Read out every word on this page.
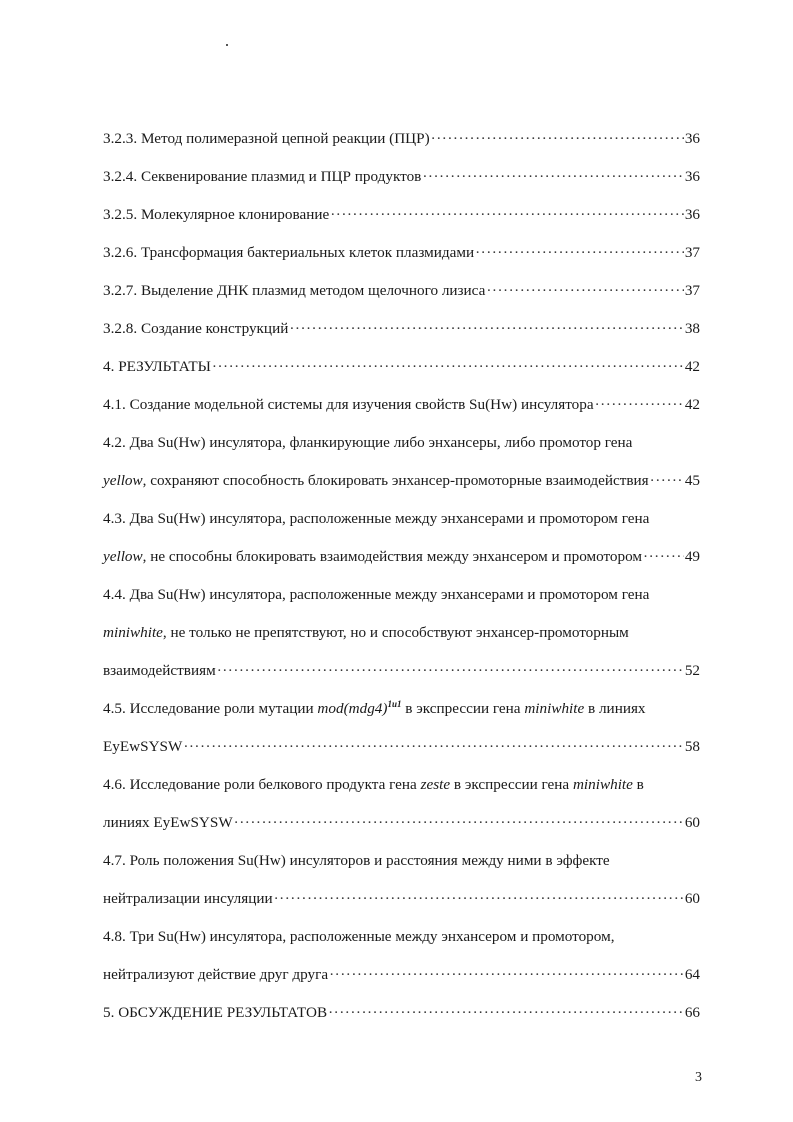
3.2.3. Метод полимеразной цепной реакции (ПЦР) ·····	36
3.2.4. Секвенирование плазмид и ПЦР продуктов ·····	36
3.2.5. Молекулярное клонирование ·····	36
3.2.6. Трансформация бактериальных клеток плазмидами ·····	37
3.2.7. Выделение ДНК плазмид методом щелочного лизиса ·····	37
3.2.8. Создание конструкций ·····	38
4. РЕЗУЛЬТАТЫ ·····	42
4.1. Создание модельной системы для изучения свойств Su(Hw) инсулятора ·····	42
4.2. Два Su(Hw) инсулятора, фланкирующие либо энхансеры, либо промотор гена
yellow, сохраняют способность блокировать энхансер-промоторные взаимодействия ····· 45
4.3. Два Su(Hw) инсулятора, расположенные между энхансерами и промотором гена
yellow, не способны блокировать взаимодействия между энхансером и промотором ·····	49
4.4. Два Su(Hw) инсулятора, расположенные между энхансерами и промотором гена
miniwhite, не только не препятствуют, но и способствуют энхансер-промоторным
взаимодействиям ·····	52
4.5. Исследование роли мутации $mod(mdg4)^{1u1}$ в экспрессии гена miniwhite в линиях
EyEwSYSW ·····	58
4.6. Исследование роли белкового продукта гена zeste в экспрессии гена miniwhite в
линиях EyEwSYSW ·····	60
4.7. Роль положения Su(Hw) инсуляторов и расстояния между ними в эффекте
нейтрализации инсуляции ·····	60
4.8. Три Su(Hw) инсулятора, расположенные между энхансером и промотором,
нейтрализуют действие друг друга ·····	64
5. ОБСУЖДЕНИЕ РЕЗУЛЬТАТОВ ·····	66
3
